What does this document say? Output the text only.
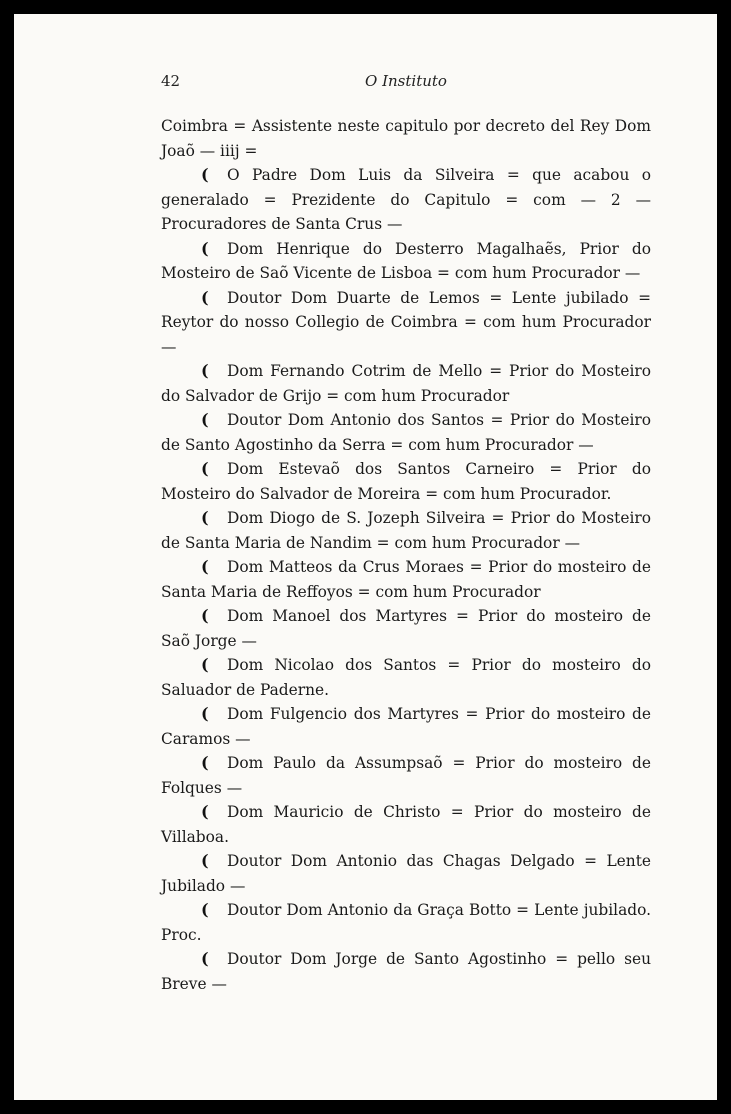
42	O Instituto

Coimbra = Assistente neste capitulo por decreto del Rey Dom Joaõ — iiij =

( O Padre Dom Luis da Silveira = que acabou o generalado = Prezidente do Capitulo = com — 2 — Procuradores de Santa Crus —

( Dom Henrique do Desterro Magalhaẽs, Prior do Mosteiro de Saõ Vicente de Lisboa = com hum Procurador —

( Doutor Dom Duarte de Lemos = Lente jubilado = Reytor do nosso Collegio de Coimbra = com hum Procurador —

( Dom Fernando Cotrim de Mello = Prior do Mosteiro do Salvador de Grijo = com hum Procurador

( Doutor Dom Antonio dos Santos = Prior do Mosteiro de Santo Agostinho da Serra = com hum Procurador —

( Dom Estevaõ dos Santos Carneiro = Prior do Mosteiro do Salvador de Moreira = com hum Procurador.

( Dom Diogo de S. Jozeph Silveira = Prior do Mosteiro de Santa Maria de Nandim = com hum Procurador —

( Dom Matteos da Crus Moraes = Prior do mosteiro de Santa Maria de Reffoyos = com hum Procurador

( Dom Manoel dos Martyres = Prior do mosteiro de Saõ Jorge —

( Dom Nicolao dos Santos = Prior do mosteiro do Saluador de Paderne.

( Dom Fulgencio dos Martyres = Prior do mosteiro de Caramos —

( Dom Paulo da Assumpsaõ = Prior do mosteiro de Folques —

( Dom Mauricio de Christo = Prior do mosteiro de Villaboa.

( Doutor Dom Antonio das Chagas Delgado = Lente Jubilado —

( Doutor Dom Antonio da Graça Botto = Lente jubilado. Proc.

( Doutor Dom Jorge de Santo Agostinho = pello seu Breve —
